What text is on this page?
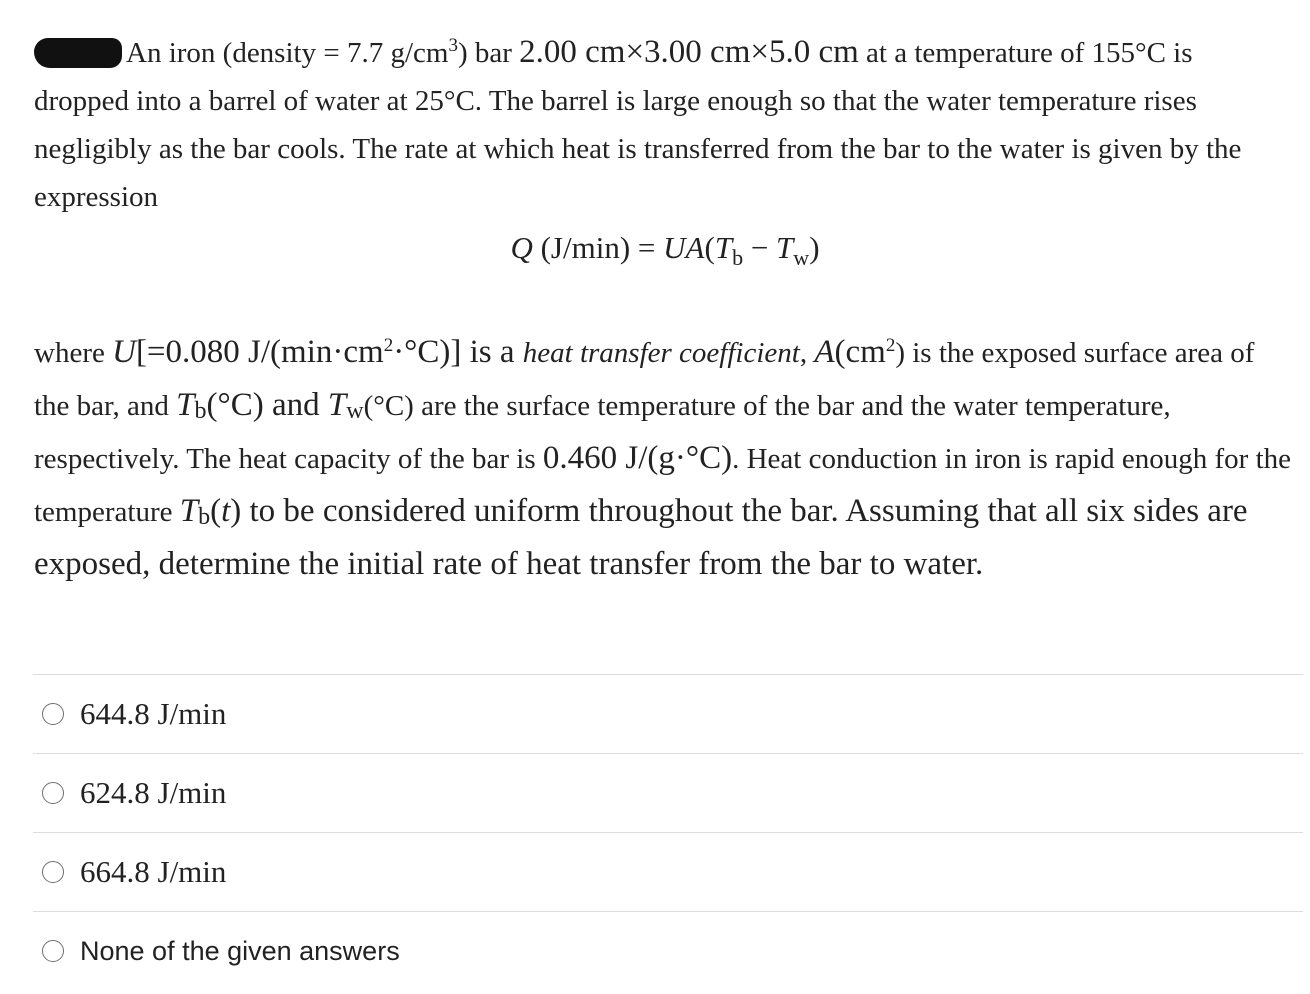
An iron (density = 7.7 $g/cm^3$) bar 2.00 cm×3.00 cm×5.0 cm at a temperature of 155°C is dropped into a barrel of water at 25°C. The barrel is large enough so that the water temperature rises negligibly as the bar cools. The rate at which heat is transferred from the bar to the water is given by the expression
Q $(J/\min) = UA(T_b - T_w)$
where U[=0.080 $J/(\min\cdot cm^2\cdot^\circ C)$] is a heat transfer coefficient, $A(cm^2)$ is the exposed surface area of the bar, and Tb(°C) and Tw(°C) are the surface temperature of the bar and the water temperature, respectively. The heat capacity of the bar is 0.460 J/(g·°C). Heat conduction in iron is rapid enough for the temperature Tb(t) to be considered uniform throughout the bar. Assuming that all six sides are exposed, determine the initial rate of heat transfer from the bar to water.
644.8 J/min
624.8 J/min
664.8 J/min
None of the given answers
